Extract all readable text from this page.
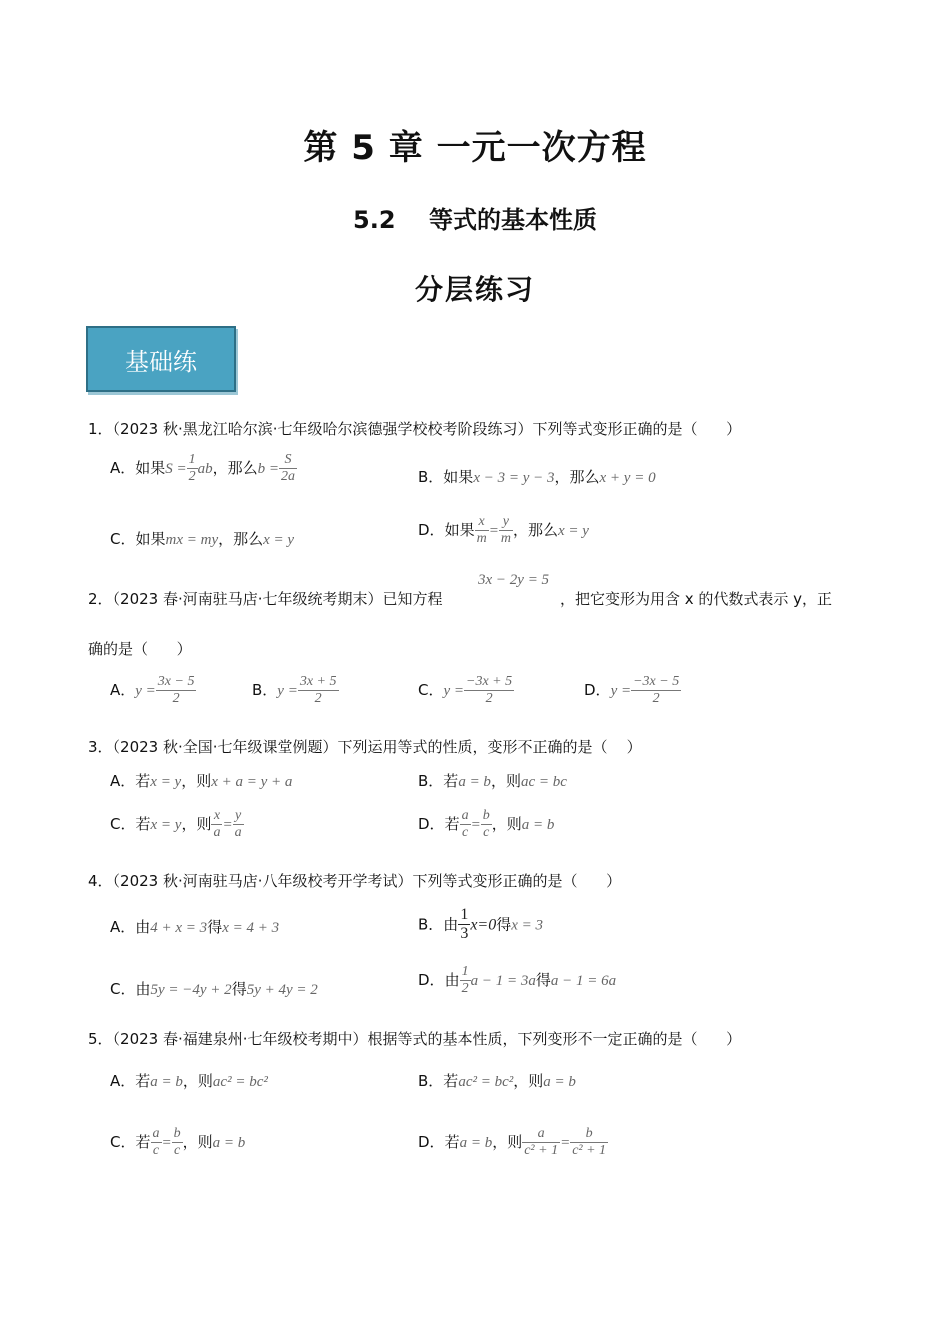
第 5 章 一元一次方程
5.2    等式的基本性质
分层练习
基础练
1．（2023 秋·黑龙江哈尔滨·七年级哈尔滨德强学校校考阶段练习）下列等式变形正确的是（      ）
A．如果$S = \frac{1}{2}$ ab，那么$b = \frac{S}{2a}$	B．如果x − 3 = y − 3，那么x + y = 0
C．如果mx = my，那么x = y
D．如果 $\frac{x}{m} = \frac{y}{m}$ ，那么x = y
2．（2023 春·河南驻马店·七年级统考期末）已知方程
3x − 2y = 5
，把它变形为用含 x 的代数式表示 y，正
确的是（      ）
A．$y = \frac{3x - 5}{2}$	B．$y = \frac{3x + 5}{2}$	C．$y = \frac{-3x + 5}{2}$	D．$y = \frac{-3x - 5}{2}$
3．（2023 秋·全国·七年级课堂例题）下列运用等式的性质，变形不正确的是（    ）
A．若x = y，则x + a = y + a	B．若a = b，则ac = bc
C．若x = y，则 $\frac{x}{a} = \frac{y}{a}$	D．若 $\frac{a}{c} = \frac{b}{c}$ ，则a = b
4．（2023 秋·河南驻马店·八年级校考开学考试）下列等式变形正确的是（      ）
A．由4 + x = 3得x = 4 + 3	B．由 $\frac{1}{3} x=0$得x = 3
C．由5y = −4y + 2得5y + 4y = 2
D．由 $\frac{1}{2}$ a − 1 = 3a得a − 1 = 6a
5．（2023 春·福建泉州·七年级校考期中）根据等式的基本性质，下列变形不一定正确的是（      ）
A．若a = b，则ac² = bc²	B．若ac² = bc²，则a = b
C．若 $\frac{a}{c} = \frac{b}{c}$ ，则a = b	D．若a = b，则 $\frac{a}{\text{c² + 1}} = \frac{b}{\text{c² + 1}}$
